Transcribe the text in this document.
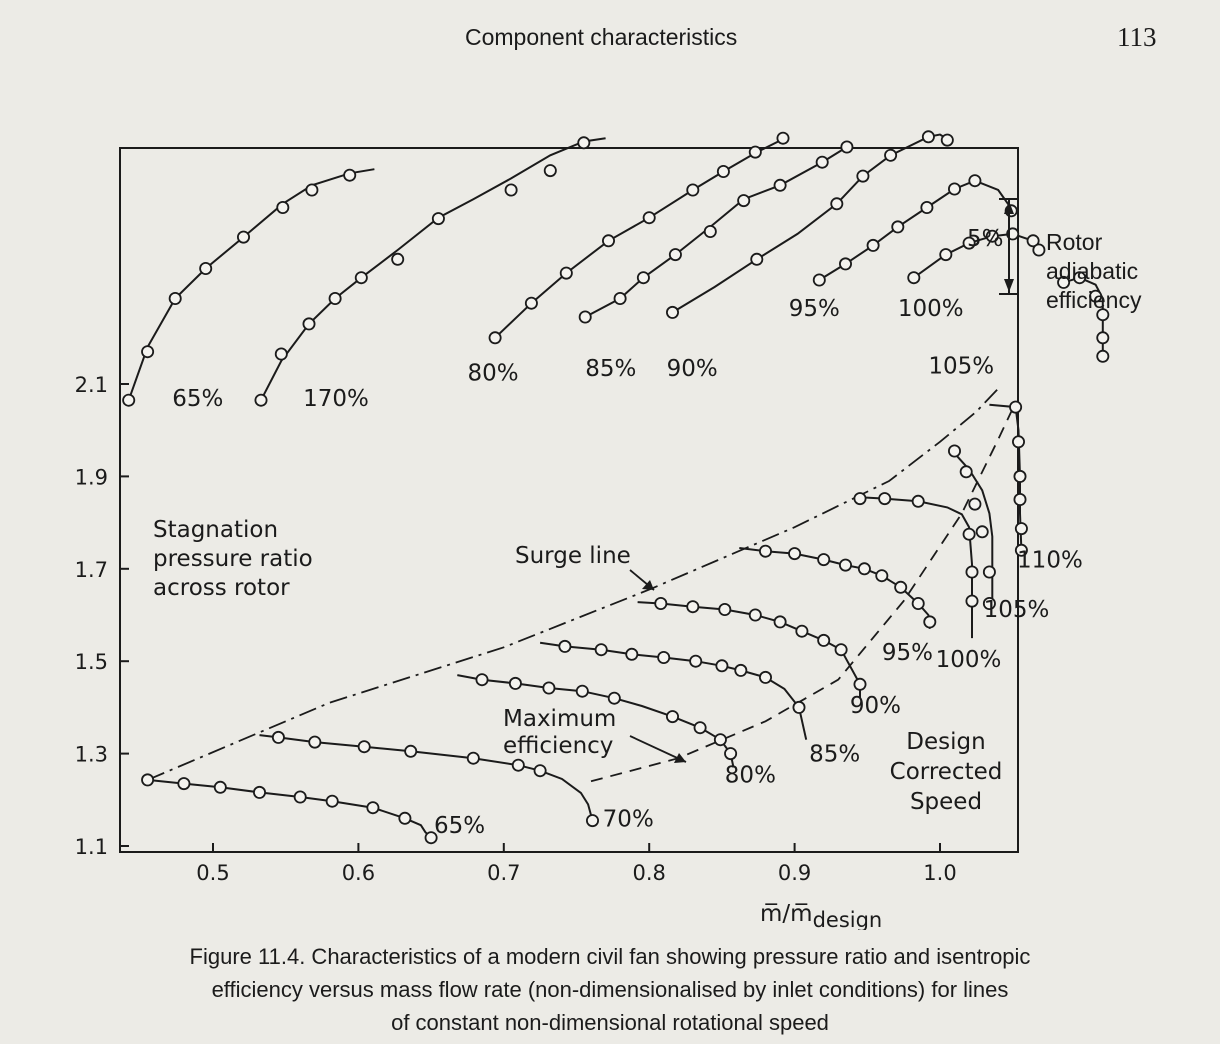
Component characteristics	113
0.5	0.6	0.7	0.8	0.9	1.0
1.1
1.3
1.5
1.7
1.9
2.1
m̅/m̅design
Stagnation
pressure ratio
across rotor
65%	70%
80%
85%
90%
95% 100%
105%
110%
65%	170%
80%	85% 90%
95%	100%
105%
Surge line
Maximum
efficiency	Design
Corrected
Speed
5% Rotor
adiabatic
efficiency
Figure 11.4. Characteristics of a modern civil fan showing pressure ratio and isentropic
efficiency versus mass flow rate (non-dimensionalised by inlet conditions) for lines
of constant non-dimensional rotational speed
